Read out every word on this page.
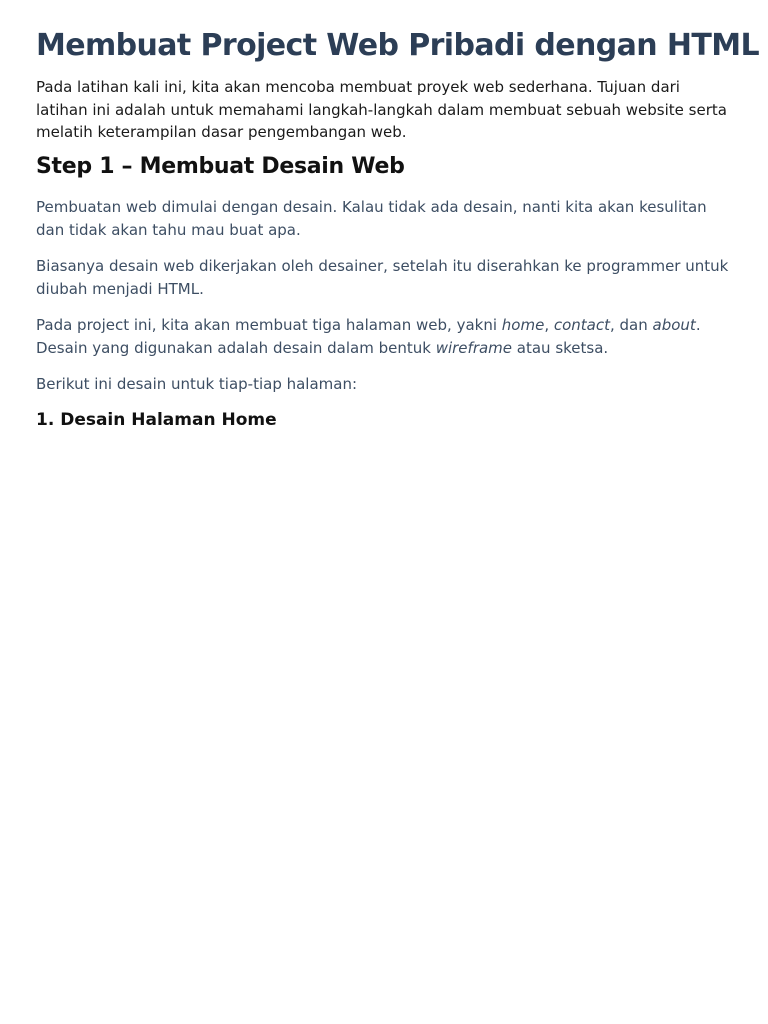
Membuat Project Web Pribadi dengan HTML

Pada latihan kali ini, kita akan mencoba membuat proyek web sederhana. Tujuan dari latihan ini adalah untuk memahami langkah-langkah dalam membuat sebuah website serta melatih keterampilan dasar pengembangan web.

Step 1 – Membuat Desain Web

Pembuatan web dimulai dengan desain. Kalau tidak ada desain, nanti kita akan kesulitan dan tidak akan tahu mau buat apa.

Biasanya desain web dikerjakan oleh desainer, setelah itu diserahkan ke programmer untuk diubah menjadi HTML.

Pada project ini, kita akan membuat tiga halaman web, yakni home, contact, dan about. Desain yang digunakan adalah desain dalam bentuk wireframe atau sketsa.

Berikut ini desain untuk tiap-tiap halaman:

1. Desain Halaman Home
